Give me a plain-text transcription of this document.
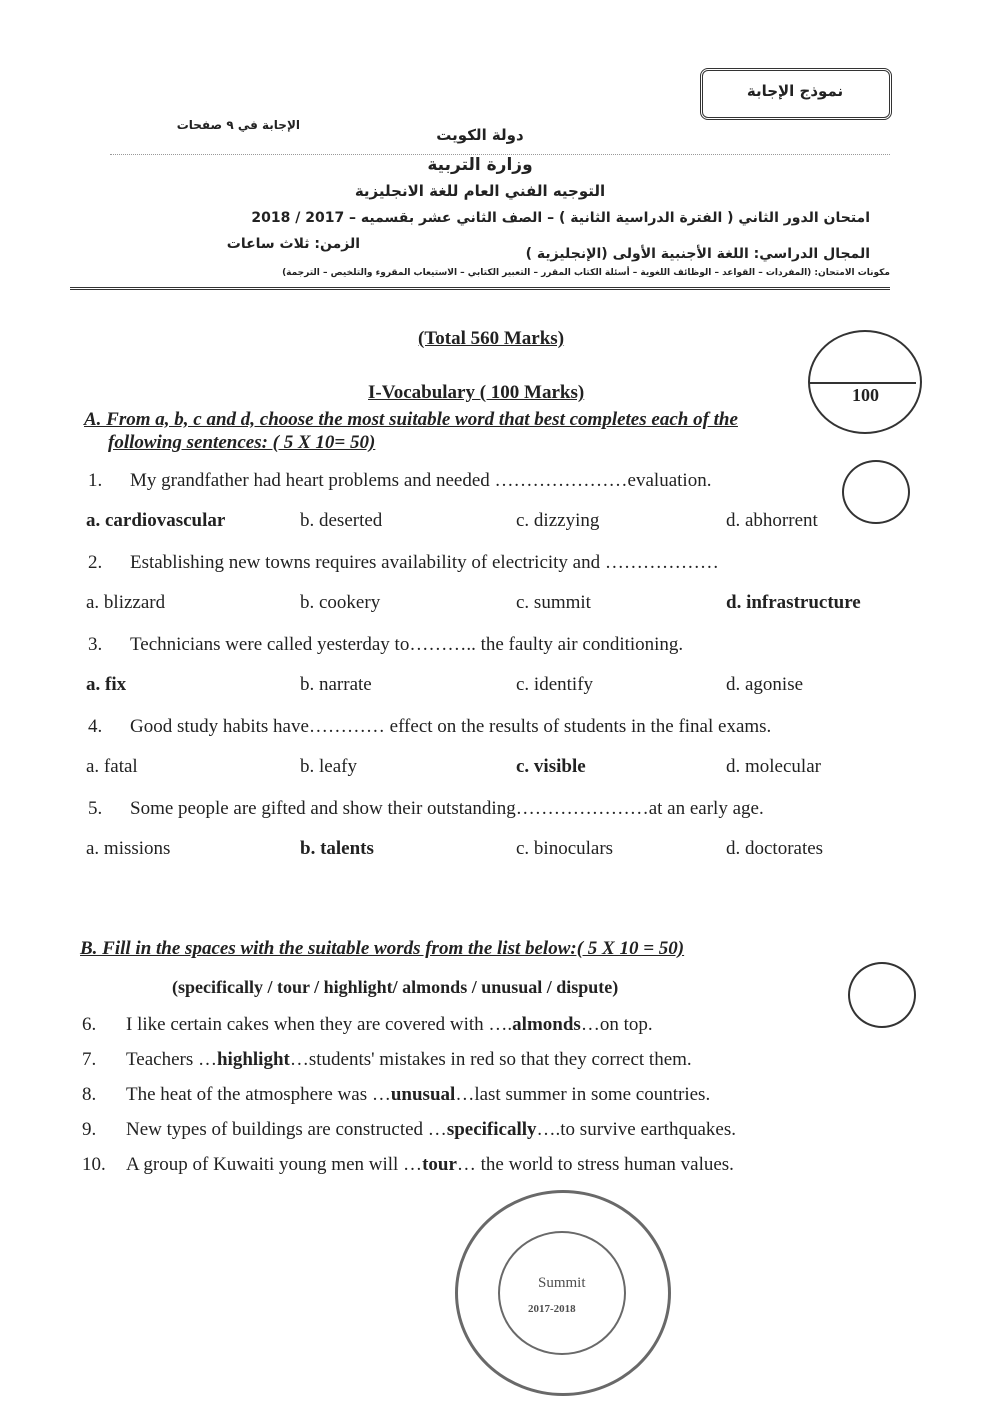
نموذج الإجابة
الإجابة في ٩ صفحات
دولة الكويت
وزارة التربية
التوجيه الفني العام للغة الانجليزية
امتحان الدور الثاني ( الفترة الدراسية الثانية ) – الصف الثاني عشر بقسميه – 2017 / 2018
المجال الدراسي: اللغة الأجنبية الأولى (الإنجليزية )
الزمن: ثلاث ساعات
مكونات الامتحان: (المفردات – القواعد – الوظائف اللغوية – أسئلة الكتاب المقرر – التعبير الكتابي – الاستيعاب المقروء والتلخيص – الترجمة)
(Total 560 Marks)
100
I-Vocabulary ( 100 Marks)
A. From a, b, c and d, choose the most suitable word that best completes each of the
following sentences: ( 5 X 10= 50)
1. My grandfather had heart problems and needed …………………evaluation.
a. cardiovascular	b. deserted	c. dizzying	d. abhorrent
2. Establishing new towns requires availability of electricity and ………………
a. blizzard	b. cookery	c. summit	d. infrastructure
3. Technicians were called yesterday to……….. the faulty air conditioning.
a. fix	b. narrate	c. identify	d. agonise
4. Good study habits have………… effect on the results of students in the final exams.
a. fatal	b. leafy	c. visible	d. molecular
5. Some people are gifted and show their outstanding…………………at an early age.
a. missions	b. talents	c. binoculars	d. doctorates
Summit
2017-2018
B. Fill in the spaces with the suitable words from the list below:( 5 X 10 = 50)
(specifically / tour / highlight/ almonds / unusual / dispute)
6. I like certain cakes when they are covered with ….almonds…on top.
7. Teachers …highlight…students' mistakes in red so that they correct them.
8. The heat of the atmosphere was …unusual…last summer in some countries.
9. New types of buildings are constructed …specifically….to survive earthquakes.
10. A group of Kuwaiti young men will …tour… the world to stress human values.
